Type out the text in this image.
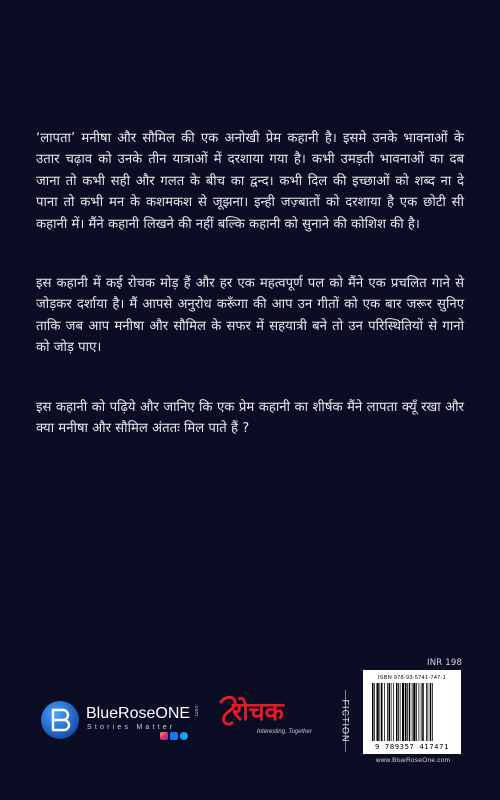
‘लापता’ मनीषा और सौमिल की एक अनोखी प्रेम कहानी है। इसमे उनके भावनाओं के उतार चढ़ाव को उनके तीन यात्राओं में दरशाया गया है। कभी उमड़ती भावनाओं का दब जाना तो कभी सही और गलत के बीच का द्वन्द। कभी दिल की इच्छाओं को शब्द ना दे पाना तो कभी मन के कशमकश से जूझना। इन्ही जज़्बातों को दरशाया है एक छोटी सी कहानी में। मैंने कहानी लिखने की नहीं बल्कि कहानी को सुनाने की कोशिश की है।

इस कहानी में कई रोचक मोड़ हैं और हर एक महत्वपूर्ण पल को मैंने एक प्रचलित गाने से जोड़कर दर्शाया है। मैं आपसे अनुरोध करूँगा की आप उन गीतों को एक बार जरूर सुनिए ताकि जब आप मनीषा और सौमिल के सफर में सहयात्री बने तो उन परिस्थितियों से गानो को जोड़ पाए।

इस कहानी को पढ़िये और जानिए कि एक प्रेम कहानी का शीर्षक मैंने लापता क्यूँ रखा और क्या मनीषा और सौमिल अंततः मिल पाते हैं ?

INR 198
BlueRoseONE .com
Stories Matter
रोचक
Interesting, Together	FICTION
ISBN 978-93-5741-747-1
9 789357 417471
www.BlueRoseOne.com
